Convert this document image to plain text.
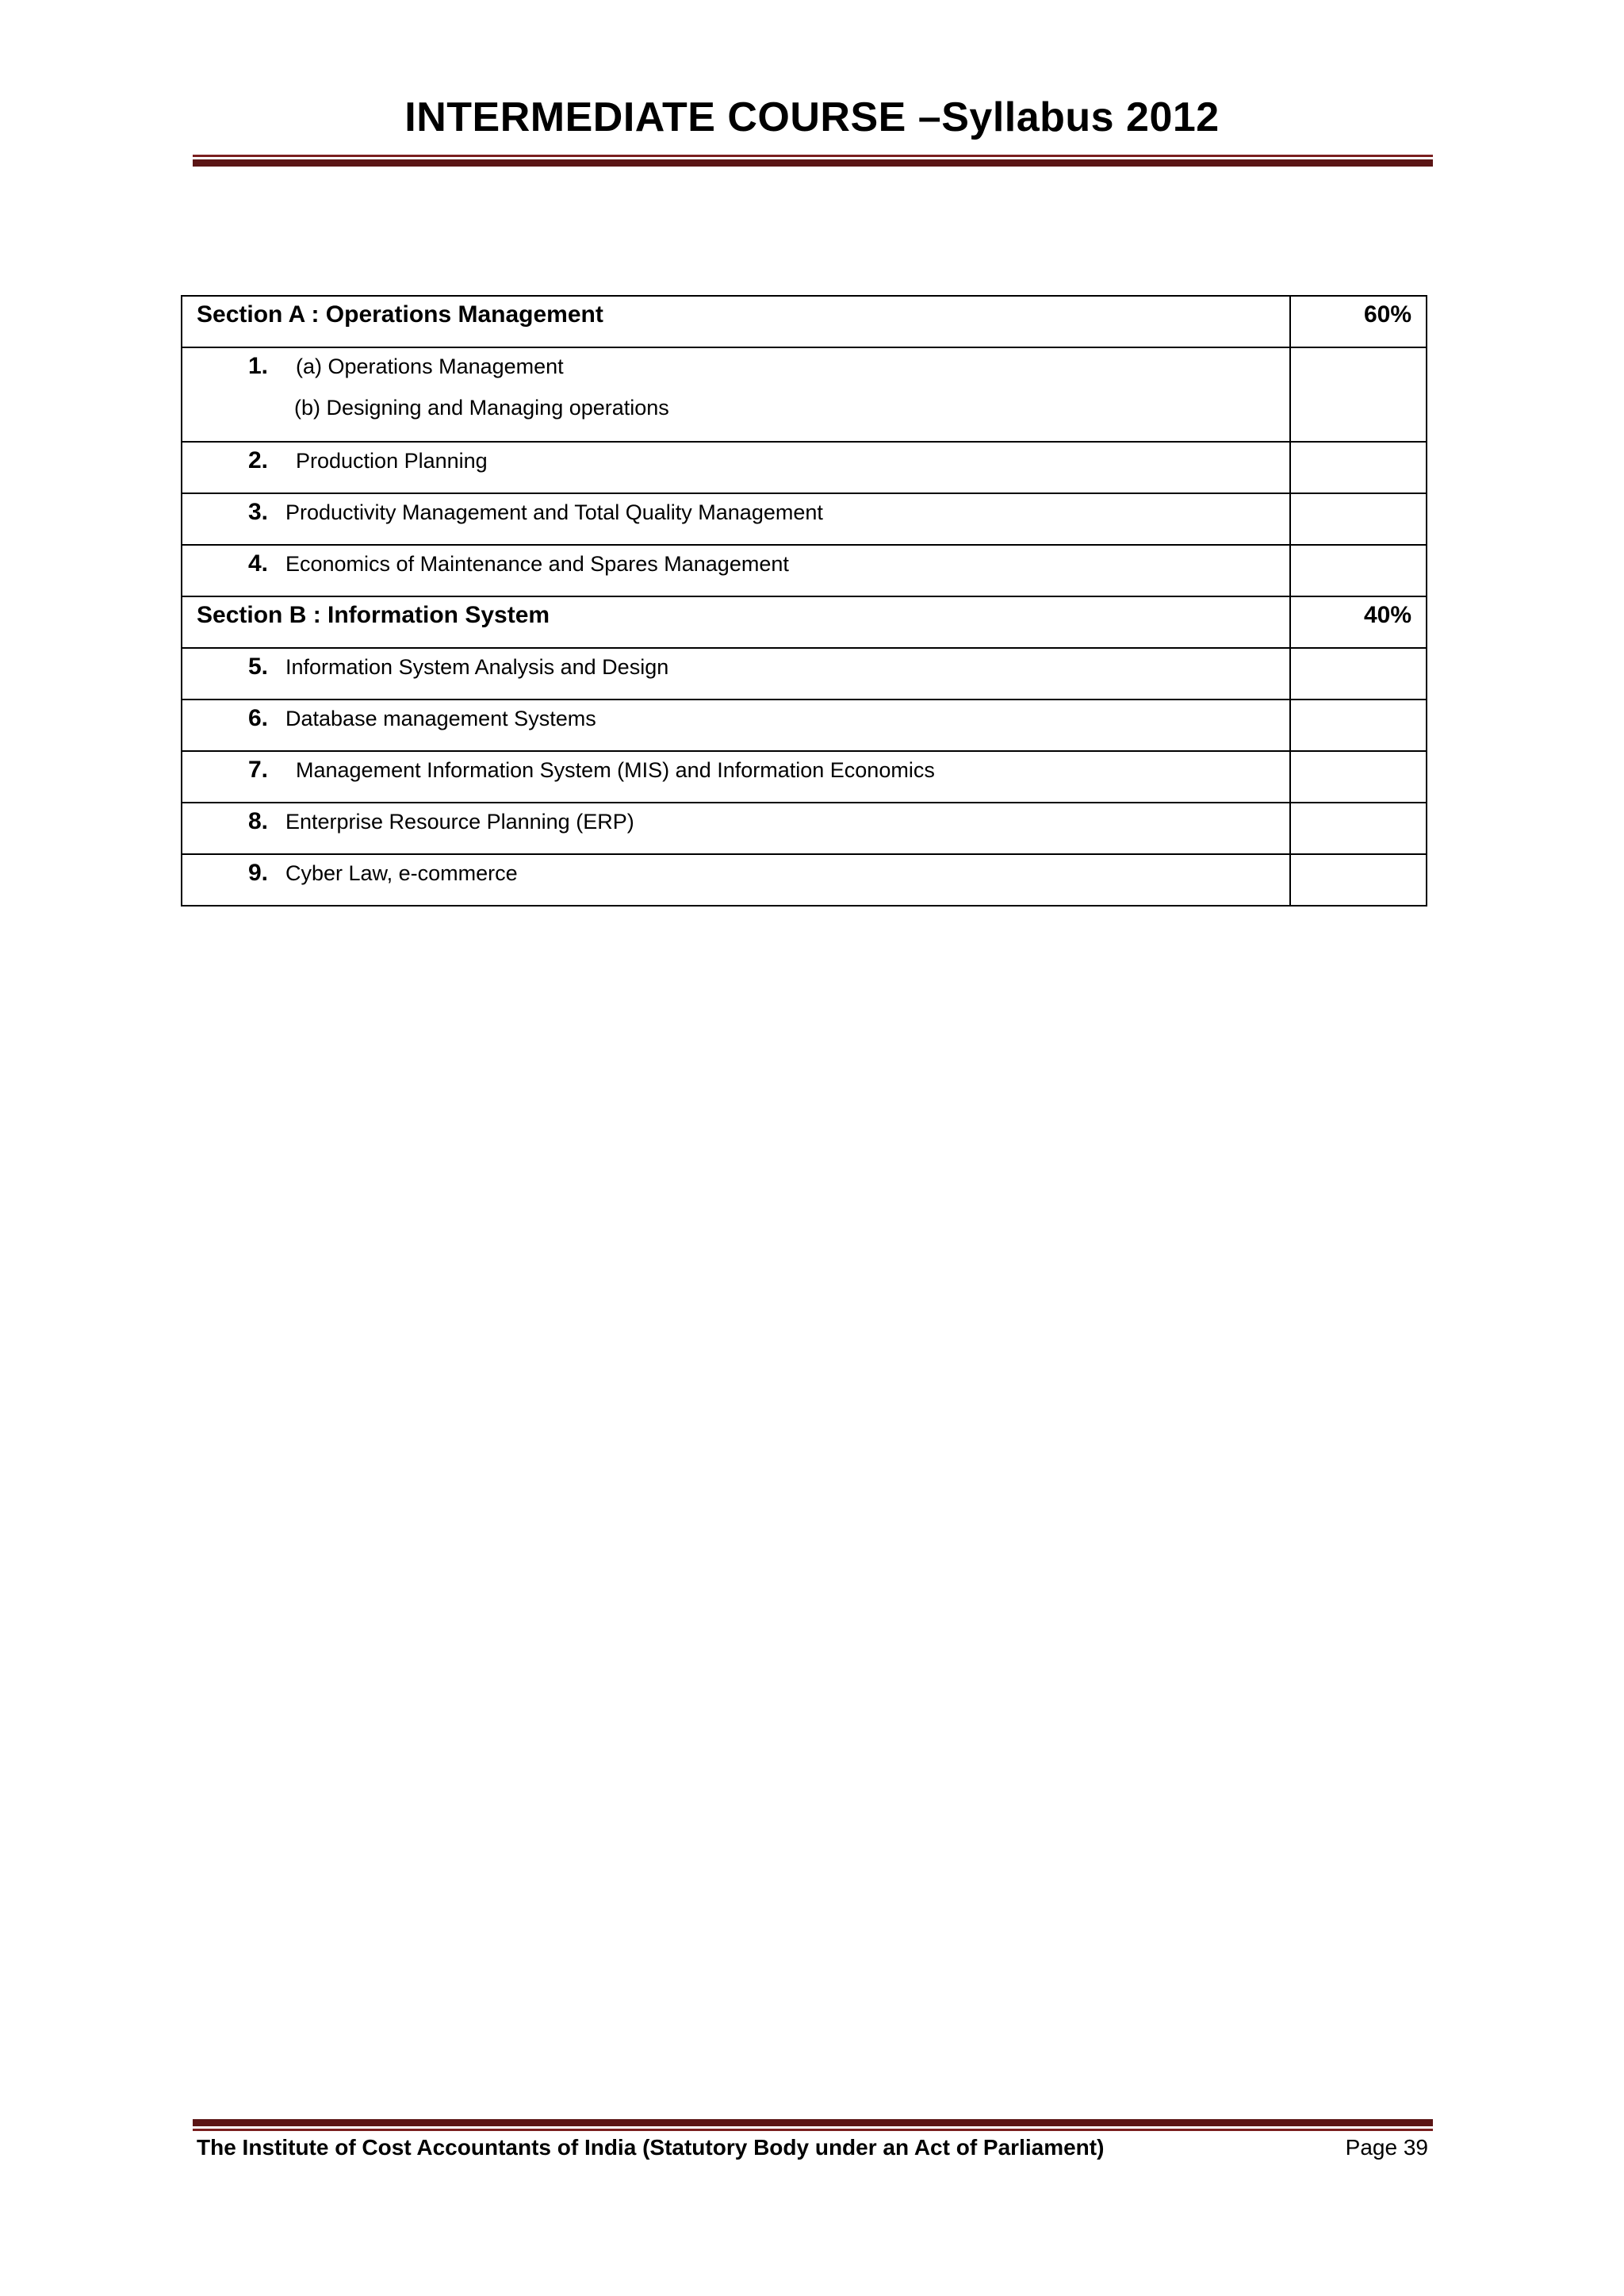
INTERMEDIATE COURSE –Syllabus 2012
Section A : Operations Management	60%

1. (a) Operations Management
(b) Designing and Managing operations	

2. Production Planning	

3. Productivity Management and Total Quality Management	

4. Economics of Maintenance and Spares Management	

Section B : Information System	40%

5. Information System Analysis and Design	

6. Database management Systems	

7. Management Information System (MIS) and Information Economics	

8. Enterprise Resource Planning (ERP)	

9. Cyber Law, e-commerce	

The Institute of Cost Accountants of India (Statutory Body under an Act of Parliament)	Page 39
